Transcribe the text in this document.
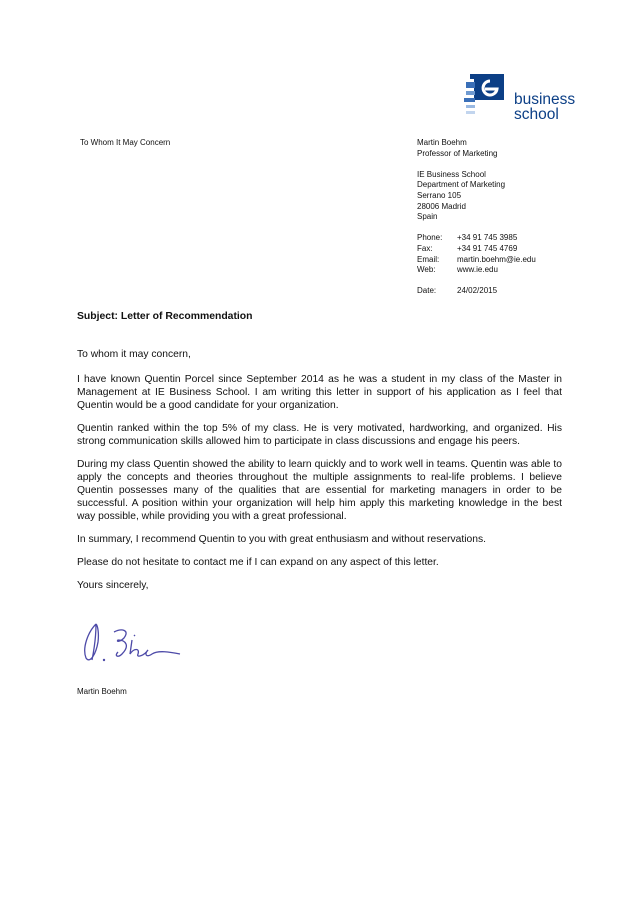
business
school
To Whom It May Concern	Martin Boehm
Professor of Marketing
IE Business School
Department of Marketing
Serrano 105
28006 Madrid
Spain
Phone:	+34 91 745 3985
Fax:	+34 91 745 4769
Email:	martin.boehm@ie.edu
Web:	www.ie.edu
Date:	24/02/2015
Subject: Letter of Recommendation

To whom it may concern,

I have known Quentin Porcel since September 2014 as he was a student in my class of the Master in Management at IE Business School. I am writing this letter in support of his application as I feel that Quentin would be a good candidate for your organization.

Quentin ranked within the top 5% of my class. He is very motivated, hardworking, and organized. His strong communication skills allowed him to participate in class discussions and engage his peers.

During my class Quentin showed the ability to learn quickly and to work well in teams. Quentin was able to apply the concepts and theories throughout the multiple assignments to real-life problems. I believe Quentin possesses many of the qualities that are essential for marketing managers in order to be successful. A position within your organization will help him apply this marketing knowledge in the best way possible, while providing you with a great professional.

In summary, I recommend Quentin to you with great enthusiasm and without reservations.

Please do not hesitate to contact me if I can expand on any aspect of this letter.

Yours sincerely,

Martin Boehm
